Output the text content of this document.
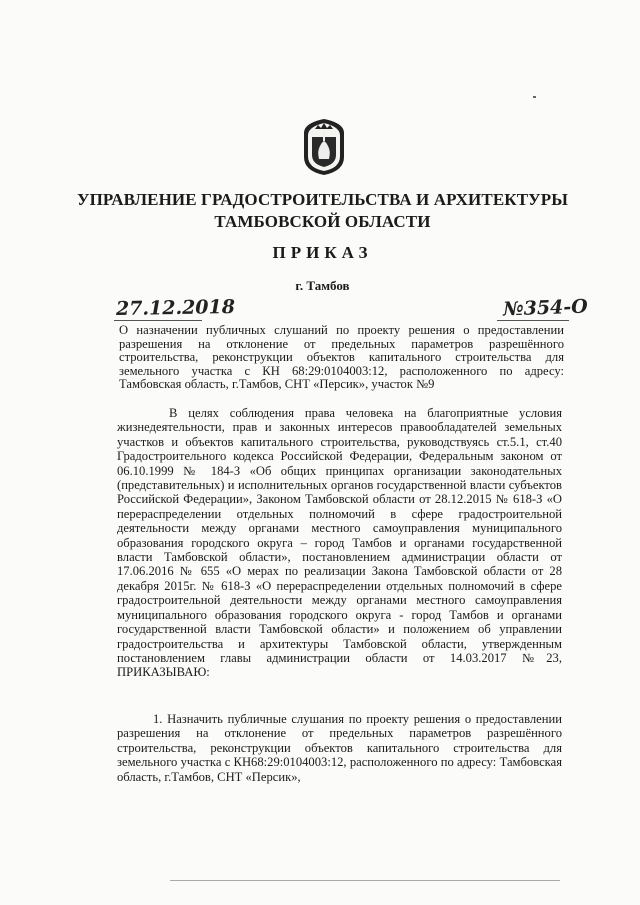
УПРАВЛЕНИЕ ГРАДОСТРОИТЕЛЬСТВА И АРХИТЕКТУРЫ
ТАМБОВСКОЙ ОБЛАСТИ
ПРИКАЗ
г. Тамбов
27.12.2018	№354-О
О назначении публичных слушаний по проекту решения о предоставлении разрешения на отклонение от предельных параметров разрешённого строительства, реконструкции объектов капитального строительства для земельного участка с КН 68:29:0104003:12, расположенного по адресу: Тамбовская область, г.Тамбов, СНТ «Персик», участок №9

В целях соблюдения права человека на благоприятные условия жизнедеятельности, прав и законных интересов правообладателей земельных участков и объектов капитального строительства, руководствуясь ст.5.1, ст.40 Градостроительного кодекса Российской Федерации, Федеральным законом от 06.10.1999 № 184-З «Об общих принципах организации законодательных (представительных) и исполнительных органов государственной власти субъектов Российской Федерации», Законом Тамбовской области от 28.12.2015 № 618-З «О перераспределении отдельных полномочий в сфере градостроительной деятельности между органами местного самоуправления муниципального образования городского округа – город Тамбов и органами государственной власти Тамбовской области», постановлением администрации области от 17.06.2016 № 655 «О мерах по реализации Закона Тамбовской области от 28 декабря 2015г. № 618-З «О перераспределении отдельных полномочий в сфере градостроительной деятельности между органами местного самоуправления муниципального образования городского округа - город Тамбов и органами государственной власти Тамбовской области» и положением об управлении градостроительства и архитектуры Тамбовской области, утвержденным постановлением главы администрации области от 14.03.2017 №23, ПРИКАЗЫВАЮ:

1. Назначить публичные слушания по проекту решения о предоставлении разрешения на отклонение от предельных параметров разрешённого строительства, реконструкции объектов капитального строительства для земельного участка с КН68:29:0104003:12, расположенного по адресу: Тамбовская область, г.Тамбов, СНТ «Персик»,
